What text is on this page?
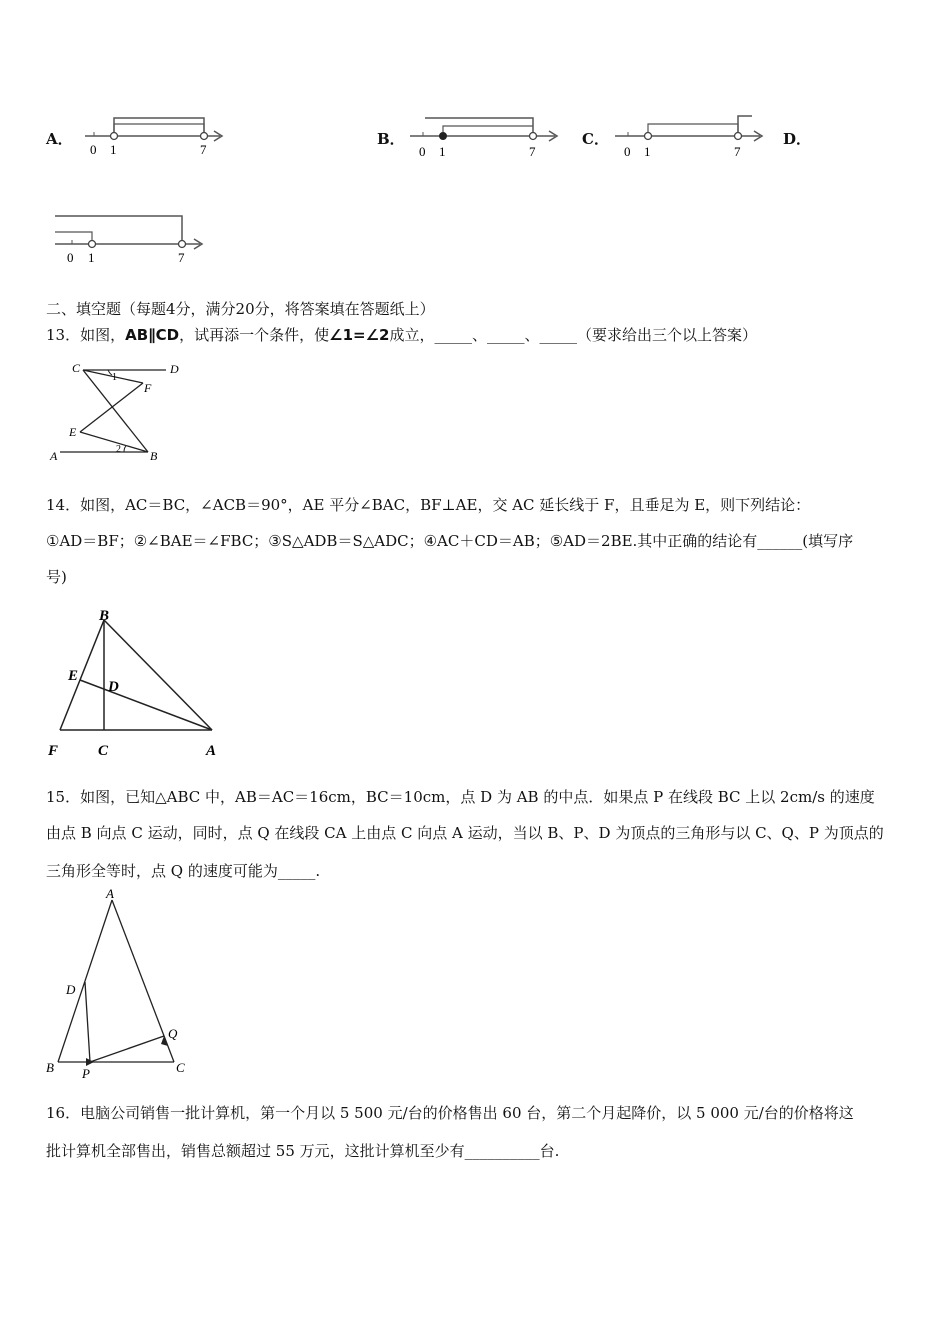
A．
0 1	7
B．
0 1	7
C．
0 1	7
D．
0 1	7
二、填空题（每题4分，满分20分，将答案填在答题纸上）
13．如图，AB∥CD，试再添一个条件，使∠1=∠2成立，_____、_____、_____（要求给出三个以上答案）
C	D
F
E
A	B
1
2
14．如图，AC＝BC，∠ACB＝90°，AE 平分∠BAC，BF⊥AE，交 AC 延长线于 F，且垂足为 E，则下列结论：
①AD＝BF；②∠BAE＝∠FBC；③S△ADB＝S△ADC；④AC＋CD＝AB；⑤AD＝2BE.其中正确的结论有______(填写序
号)
B
E
D
F	C	A
15．如图，已知△ABC 中，AB＝AC＝16cm，BC＝10cm，点 D 为 AB 的中点．如果点 P 在线段 BC 上以 2cm/s 的速度
由点 B 向点 C 运动，同时，点 Q 在线段 CA 上由点 C 向点 A 运动，当以 B、P、D 为顶点的三角形与以 C、Q、P 为顶点的
三角形全等时，点 Q 的速度可能为_____.
A
D
Q
B P	C
16．电脑公司销售一批计算机，第一个月以 5 500 元/台的价格售出 60 台，第二个月起降价，以 5 000 元/台的价格将这
批计算机全部售出，销售总额超过 55 万元，这批计算机至少有__________台.
